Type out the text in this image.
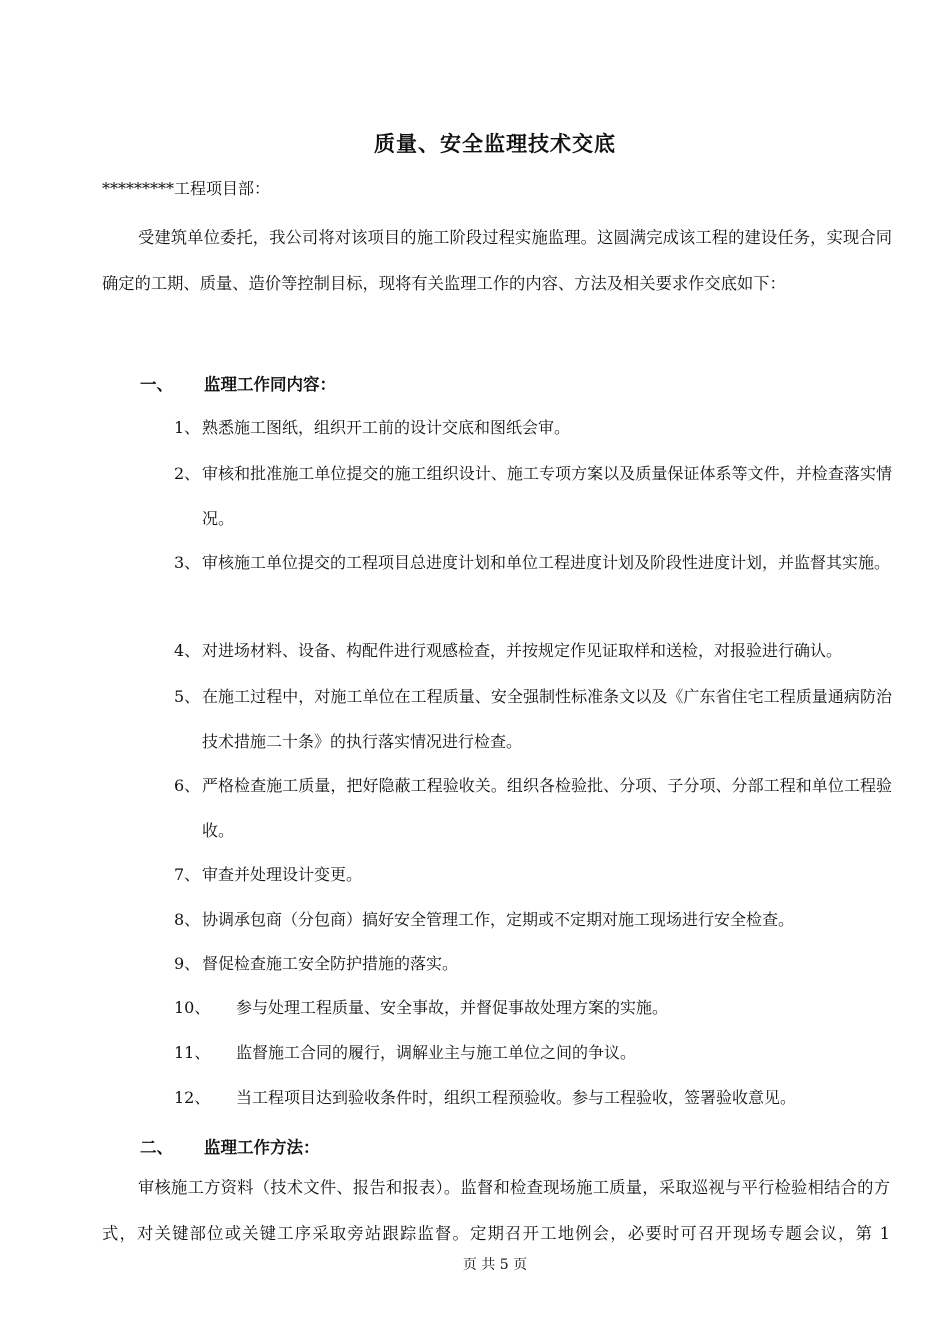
质量、安全监理技术交底
*********工程项目部：
受建筑单位委托，我公司将对该项目的施工阶段过程实施监理。这圆满完成该工程的建设任务，实现合同确定的工期、质量、造价等控制目标，现将有关监理工作的内容、方法及相关要求作交底如下：
一、 监理工作同内容：
1、 熟悉施工图纸，组织开工前的设计交底和图纸会审。
2、 审核和批准施工单位提交的施工组织设计、施工专项方案以及质量保证体系等文件，并检查落实情况。
3、 审核施工单位提交的工程项目总进度计划和单位工程进度计划及阶段性进度计划，并监督其实施。
4、 对进场材料、设备、构配件进行观感检查，并按规定作见证取样和送检，对报验进行确认。
5、 在施工过程中，对施工单位在工程质量、安全强制性标准条文以及《广东省住宅工程质量通病防治技术措施二十条》的执行落实情况进行检查。
6、 严格检查施工质量，把好隐蔽工程验收关。组织各检验批、分项、子分项、分部工程和单位工程验收。
7、 审查并处理设计变更。
8、 协调承包商（分包商）搞好安全管理工作，定期或不定期对施工现场进行安全检查。
9、 督促检查施工安全防护措施的落实。
10、	参与处理工程质量、安全事故，并督促事故处理方案的实施。
11、	监督施工合同的履行，调解业主与施工单位之间的争议。
12、	当工程项目达到验收条件时，组织工程预验收。参与工程验收，签署验收意见。
二、 监理工作方法：
审核施工方资料（技术文件、报告和报表）。监督和检查现场施工质量，采取巡视与平行检验相结合的方式，对关键部位或关键工序采取旁站跟踪监督。定期召开工地例会，必要时可召开现场专题会议，第 1
页 共 5 页
